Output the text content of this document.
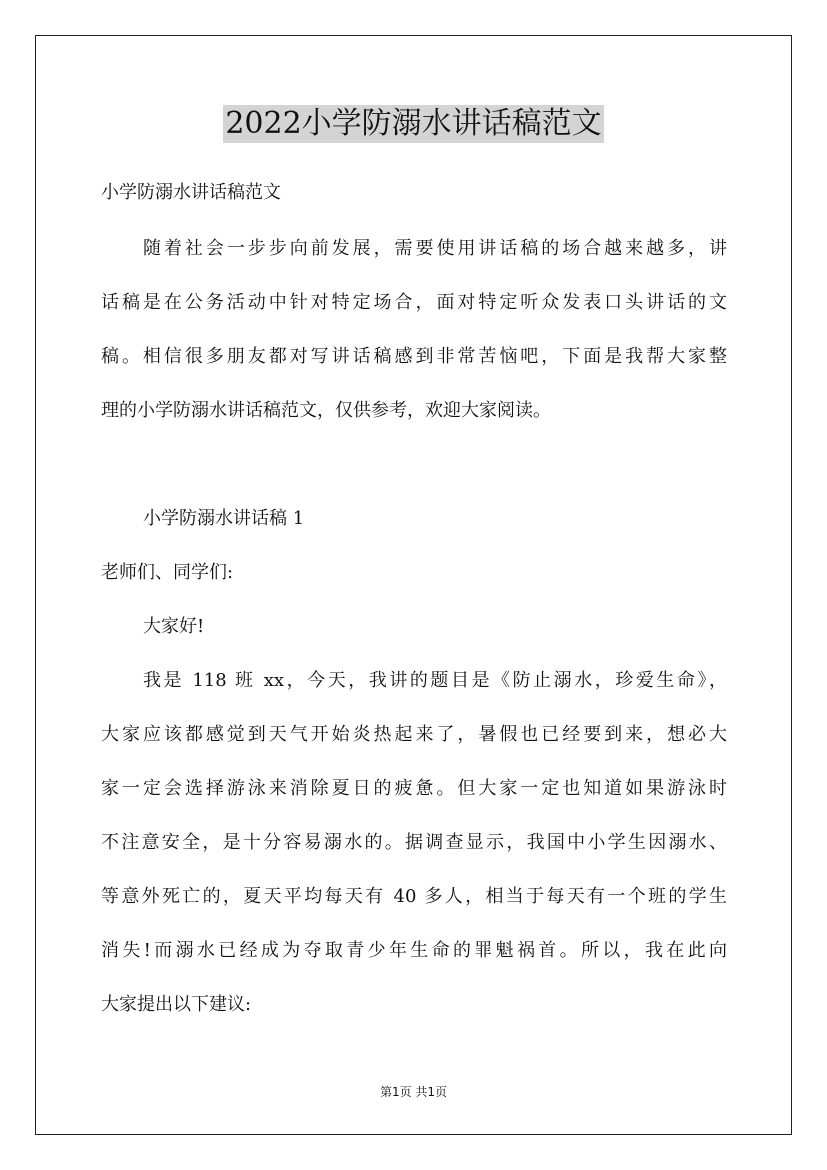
2022小学防溺水讲话稿范文
小学防溺水讲话稿范文
随着社会一步步向前发展，需要使用讲话稿的场合越来越多，讲
话稿是在公务活动中针对特定场合，面对特定听众发表口头讲话的文
稿。相信很多朋友都对写讲话稿感到非常苦恼吧，下面是我帮大家整
理的小学防溺水讲话稿范文，仅供参考，欢迎大家阅读。
小学防溺水讲话稿 1
老师们、同学们:
大家好!
我是 118 班 xx，今天，我讲的题目是《防止溺水，珍爱生命》，
大家应该都感觉到天气开始炎热起来了，暑假也已经要到来，想必大
家一定会选择游泳来消除夏日的疲惫。但大家一定也知道如果游泳时
不注意安全，是十分容易溺水的。据调查显示，我国中小学生因溺水、
等意外死亡的，夏天平均每天有 40 多人，相当于每天有一个班的学生
消失!而溺水已经成为夺取青少年生命的罪魁祸首。所以，我在此向
大家提出以下建议:
第1页 共1页
